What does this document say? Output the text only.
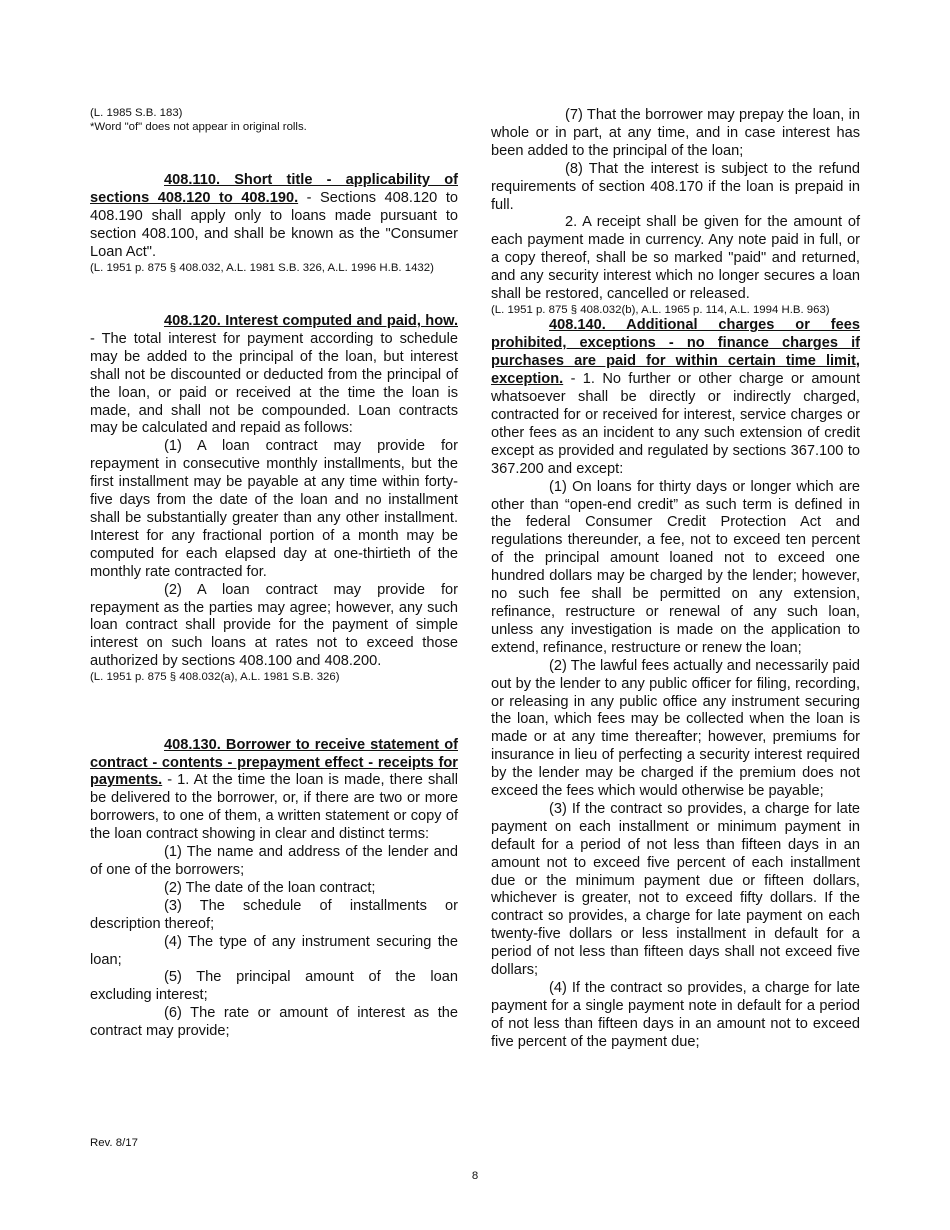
(L. 1985 S.B. 183)

*Word "of" does not appear in original rolls.

408.110. Short title - applicability of sections 408.120 to 408.190. - Sections 408.120 to 408.190 shall apply only to loans made pursuant to section 408.100, and shall be known as the "Consumer Loan Act".

(L. 1951 p. 875 § 408.032, A.L. 1981 S.B. 326, A.L. 1996 H.B. 1432)

408.120. Interest computed and paid, how. - The total interest for payment according to schedule may be added to the principal of the loan, but interest shall not be discounted or deducted from the principal of the loan, or paid or received at the time the loan is made, and shall not be compounded. Loan contracts may be calculated and repaid as follows:

(1) A loan contract may provide for repayment in consecutive monthly installments, but the first installment may be payable at any time within forty-five days from the date of the loan and no installment shall be substantially greater than any other installment. Interest for any fractional portion of a month may be computed for each elapsed day at one-thirtieth of the monthly rate contracted for.

(2) A loan contract may provide for repayment as the parties may agree; however, any such loan contract shall provide for the payment of simple interest on such loans at rates not to exceed those authorized by sections 408.100 and 408.200.

(L. 1951 p. 875 § 408.032(a), A.L. 1981 S.B. 326)

408.130. Borrower to receive statement of contract - contents - prepayment effect - receipts for payments. - 1. At the time the loan is made, there shall be delivered to the borrower, or, if there are two or more borrowers, to one of them, a written statement or copy of the loan contract showing in clear and distinct terms:

(1) The name and address of the lender and of one of the borrowers;

(2) The date of the loan contract;

(3) The schedule of installments or description thereof;

(4) The type of any instrument securing the loan;

(5) The principal amount of the loan excluding interest;

(6) The rate or amount of interest as the contract may provide;

(7) That the borrower may prepay the loan, in whole or in part, at any time, and in case interest has been added to the principal of the loan;

(8) That the interest is subject to the refund requirements of section 408.170 if the loan is prepaid in full.

2. A receipt shall be given for the amount of each payment made in currency. Any note paid in full, or a copy thereof, shall be so marked "paid" and returned, and any security interest which no longer secures a loan shall be restored, cancelled or released.

(L. 1951 p. 875 § 408.032(b), A.L. 1965 p. 114, A.L. 1994 H.B. 963)

408.140. Additional charges or fees prohibited, exceptions - no finance charges if purchases are paid for within certain time limit, exception. - 1. No further or other charge or amount whatsoever shall be directly or indirectly charged, contracted for or received for interest, service charges or other fees as an incident to any such extension of credit except as provided and regulated by sections 367.100 to 367.200 and except:

(1) On loans for thirty days or longer which are other than “open-end credit” as such term is defined in the federal Consumer Credit Protection Act and regulations thereunder, a fee, not to exceed ten percent of the principal amount loaned not to exceed one hundred dollars may be charged by the lender; however, no such fee shall be permitted on any extension, refinance, restructure or renewal of any such loan, unless any investigation is made on the application to extend, refinance, restructure or renew the loan;

(2) The lawful fees actually and necessarily paid out by the lender to any public officer for filing, recording, or releasing in any public office any instrument securing the loan, which fees may be collected when the loan is made or at any time thereafter; however, premiums for insurance in lieu of perfecting a security interest required by the lender may be charged if the premium does not exceed the fees which would otherwise be payable;

(3) If the contract so provides, a charge for late payment on each installment or minimum payment in default for a period of not less than fifteen days in an amount not to exceed five percent of each installment due or the minimum payment due or fifteen dollars, whichever is greater, not to exceed fifty dollars. If the contract so provides, a charge for late payment on each twenty-five dollars or less installment in default for a period of not less than fifteen days shall not exceed five dollars;

(4) If the contract so provides, a charge for late payment for a single payment note in default for a period of not less than fifteen days in an amount not to exceed five percent of the payment due;

Rev. 8/17
8
